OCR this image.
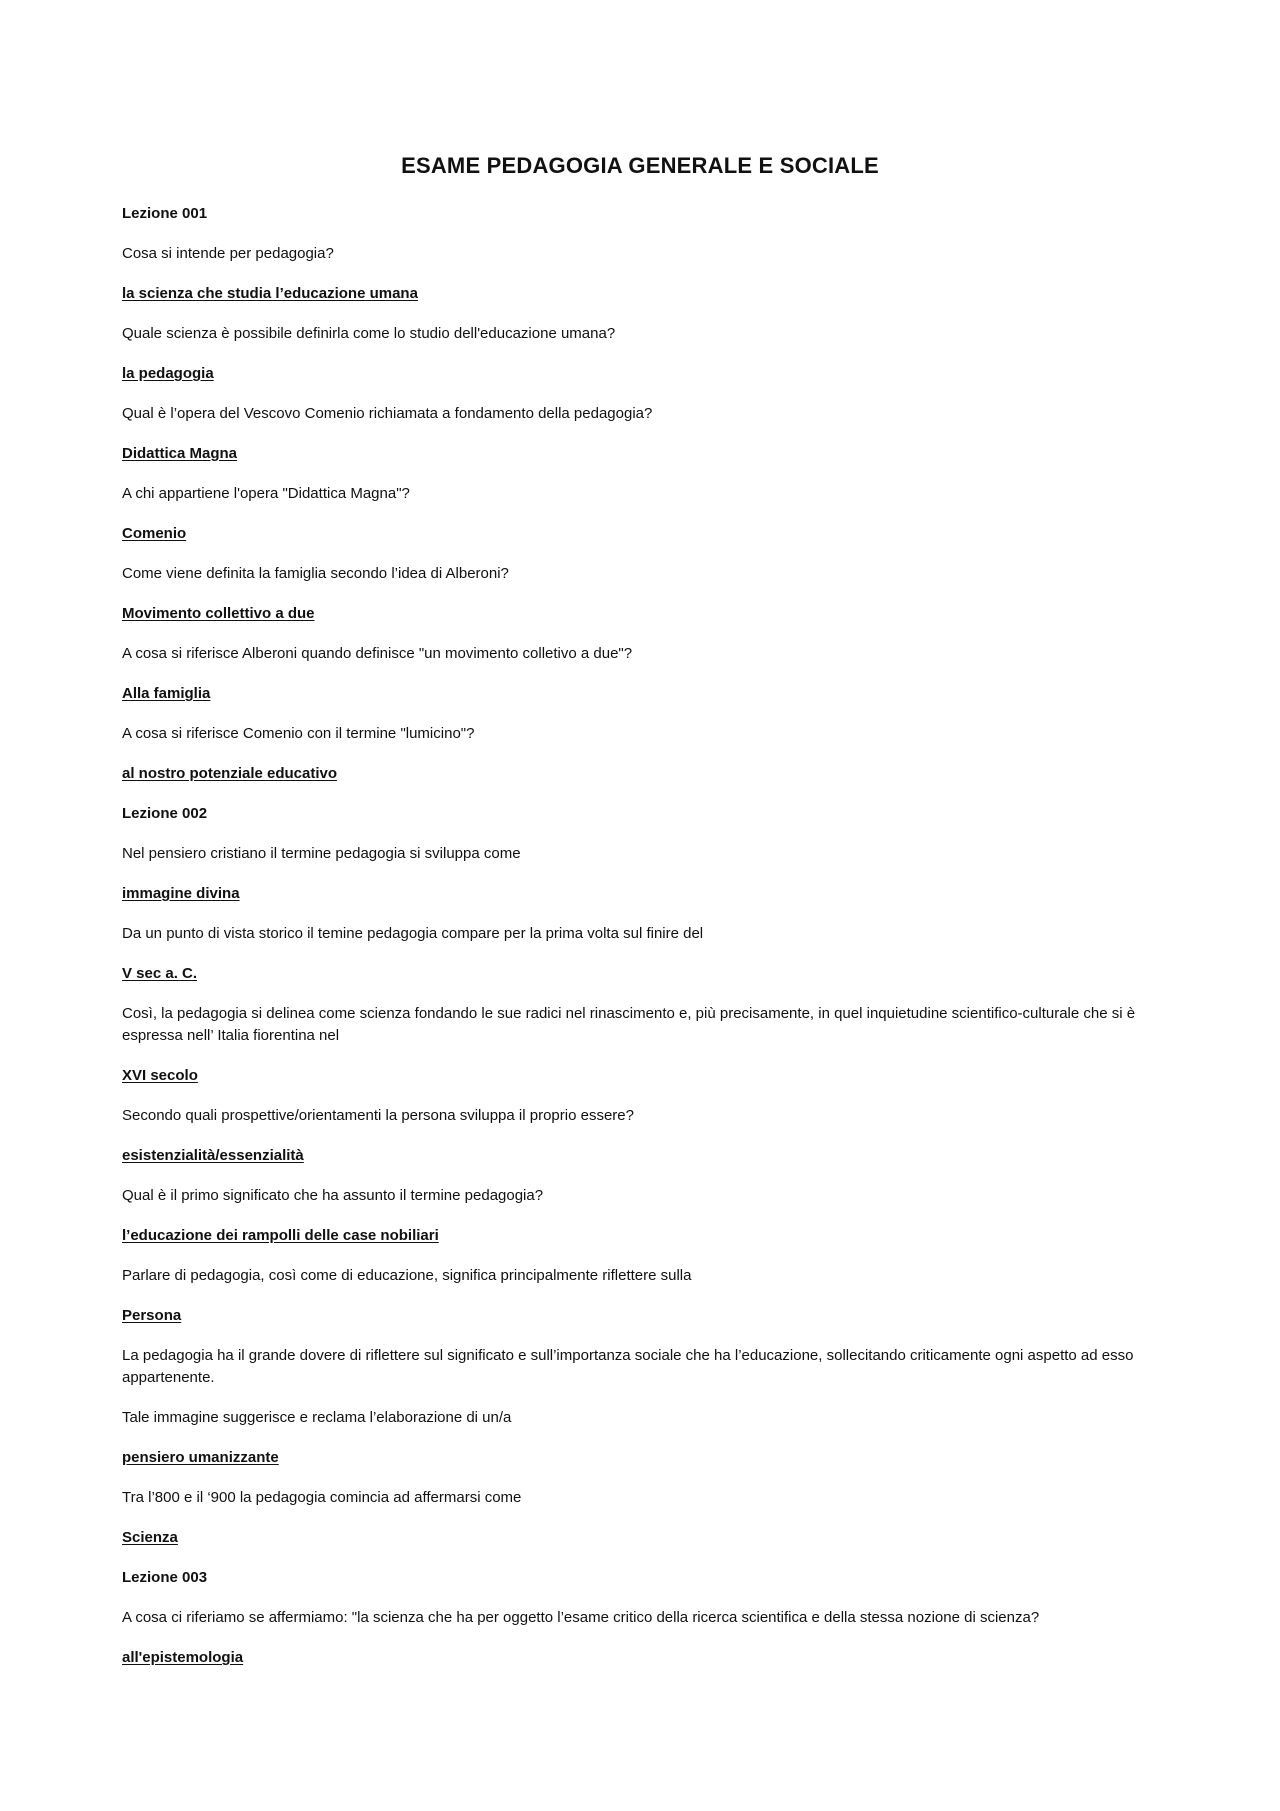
ESAME PEDAGOGIA GENERALE E SOCIALE

Lezione 001

Cosa si intende per pedagogia?

la scienza che studia l’educazione umana

Quale scienza è possibile definirla come lo studio dell'educazione umana?

la pedagogia

Qual è l’opera del Vescovo Comenio richiamata a fondamento della pedagogia?

Didattica Magna

A chi appartiene l'opera "Didattica Magna"?

Comenio

Come viene definita la famiglia secondo l’idea di Alberoni?

Movimento collettivo a due

A cosa si riferisce Alberoni quando definisce "un movimento colletivo a due"?

Alla famiglia

A cosa si riferisce Comenio con il termine "lumicino"?

al nostro potenziale educativo

Lezione 002

Nel pensiero cristiano il termine pedagogia si sviluppa come

immagine divina

Da un punto di vista storico il temine pedagogia compare per la prima volta sul finire del

V sec a. C.

Così, la pedagogia si delinea come scienza fondando le sue radici nel rinascimento e, più precisamente, in quel inquietudine scientifico-culturale che si è espressa nell’ Italia fiorentina nel

XVI secolo

Secondo quali prospettive/orientamenti la persona sviluppa il proprio essere?

esistenzialità/essenzialità

Qual è il primo significato che ha assunto il termine pedagogia?

l’educazione dei rampolli delle case nobiliari

Parlare di pedagogia, così come di educazione, significa principalmente riflettere sulla

Persona

La pedagogia ha il grande dovere di riflettere sul significato e sull’importanza sociale che ha l’educazione, sollecitando criticamente ogni aspetto ad esso appartenente.

Tale immagine suggerisce e reclama l’elaborazione di un/a

pensiero umanizzante

Tra l’800 e il ‘900 la pedagogia comincia ad affermarsi come

Scienza

Lezione 003

A cosa ci riferiamo se affermiamo: "la scienza che ha per oggetto l’esame critico della ricerca scientifica e della stessa nozione di scienza?

all'epistemologia
